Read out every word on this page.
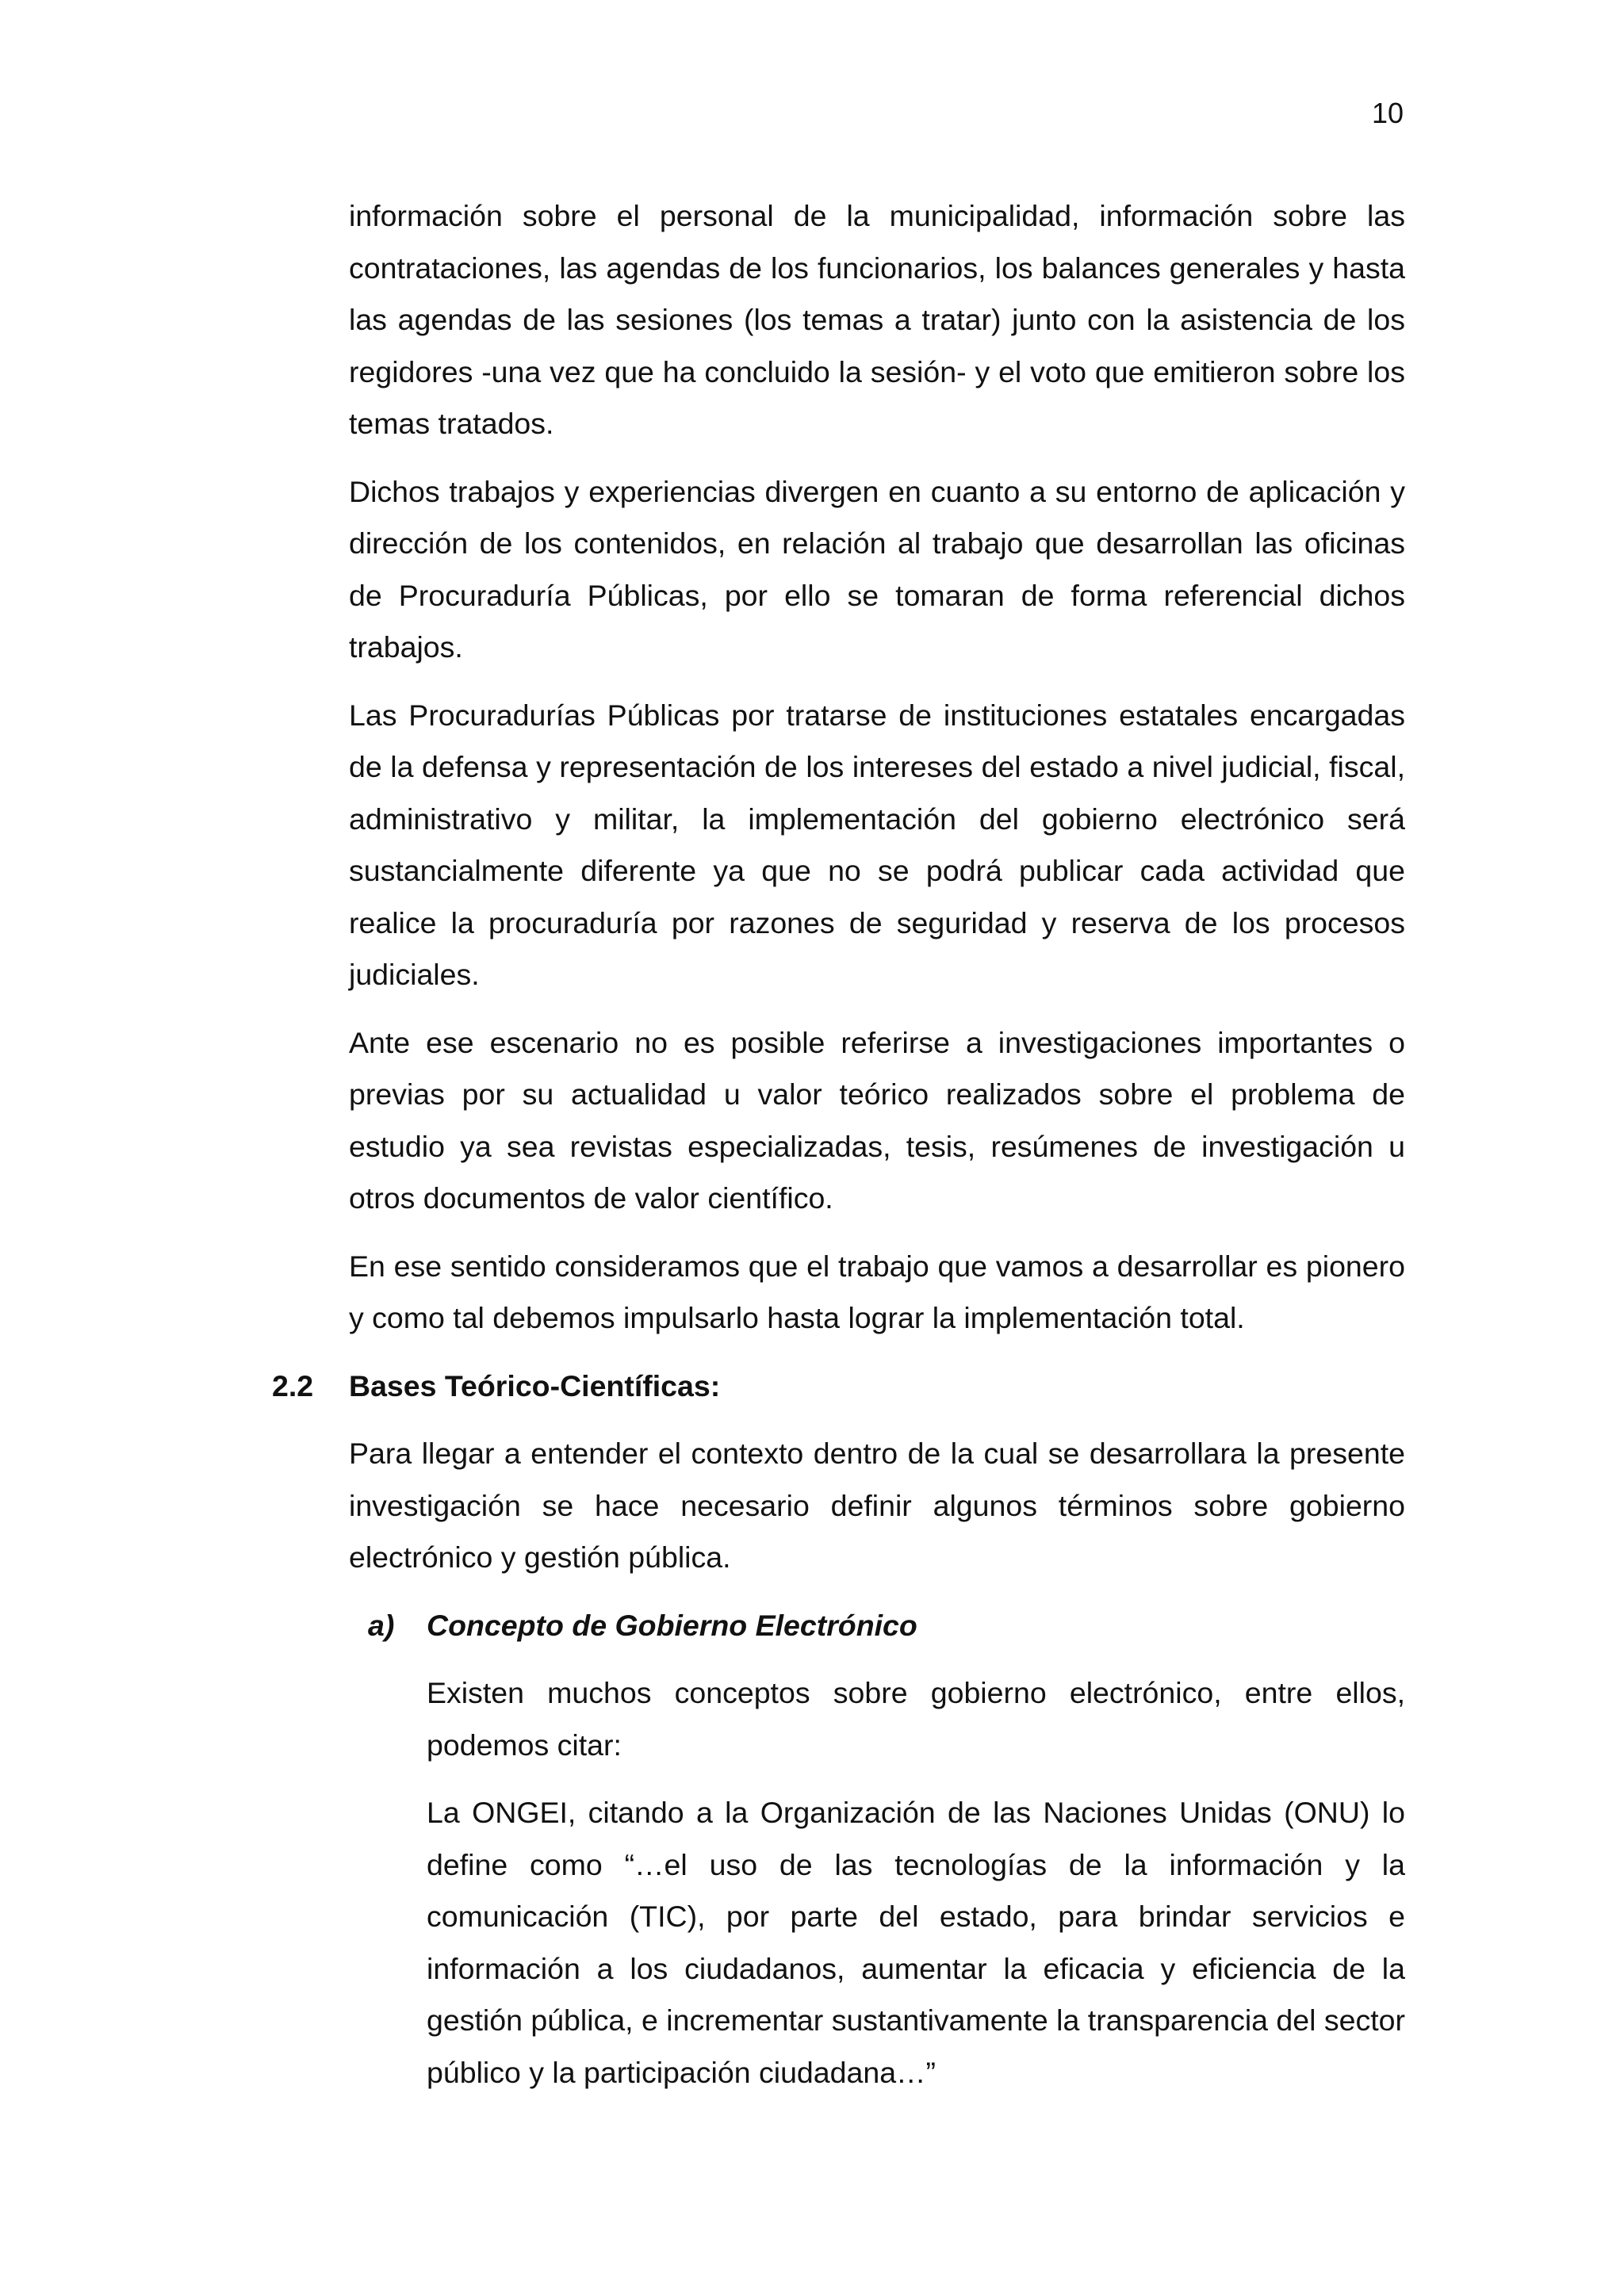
10

información sobre el personal de la municipalidad, información sobre las contrataciones, las agendas de los funcionarios, los balances generales y hasta las agendas de las sesiones (los temas a tratar) junto con la asistencia de los regidores -una vez que ha concluido la sesión- y el voto que emitieron sobre los temas tratados.

Dichos trabajos y experiencias divergen en cuanto a su entorno de aplicación y dirección de los contenidos, en relación al trabajo que desarrollan las oficinas de Procuraduría Públicas, por ello se tomaran de forma referencial dichos trabajos.

Las Procuradurías Públicas por tratarse de instituciones estatales encargadas de la defensa y representación de los intereses del estado a nivel judicial, fiscal, administrativo y militar, la implementación del gobierno electrónico será sustancialmente diferente ya que no se podrá publicar cada actividad que realice la procuraduría por razones de seguridad y reserva de los procesos judiciales.

Ante ese escenario no es posible referirse a investigaciones importantes o previas por su actualidad u valor teórico realizados sobre el problema de estudio ya sea revistas especializadas, tesis, resúmenes de investigación u otros documentos de valor científico.

En ese sentido consideramos que el trabajo que vamos a desarrollar es pionero y como tal debemos impulsarlo hasta lograr la implementación total.

2.2 Bases Teórico-Científicas:

Para llegar a entender el contexto dentro de la cual se desarrollara la presente investigación se hace necesario definir algunos términos sobre gobierno electrónico y gestión pública.

a) Concepto de Gobierno Electrónico

Existen muchos conceptos sobre gobierno electrónico, entre ellos, podemos citar:

La ONGEI, citando a la Organización de las Naciones Unidas (ONU) lo define como “…el uso de las tecnologías de la información y la comunicación (TIC), por parte del estado, para brindar servicios e información a los ciudadanos, aumentar la eficacia y eficiencia de la gestión pública, e incrementar sustantivamente la transparencia del sector público y la participación ciudadana…”
